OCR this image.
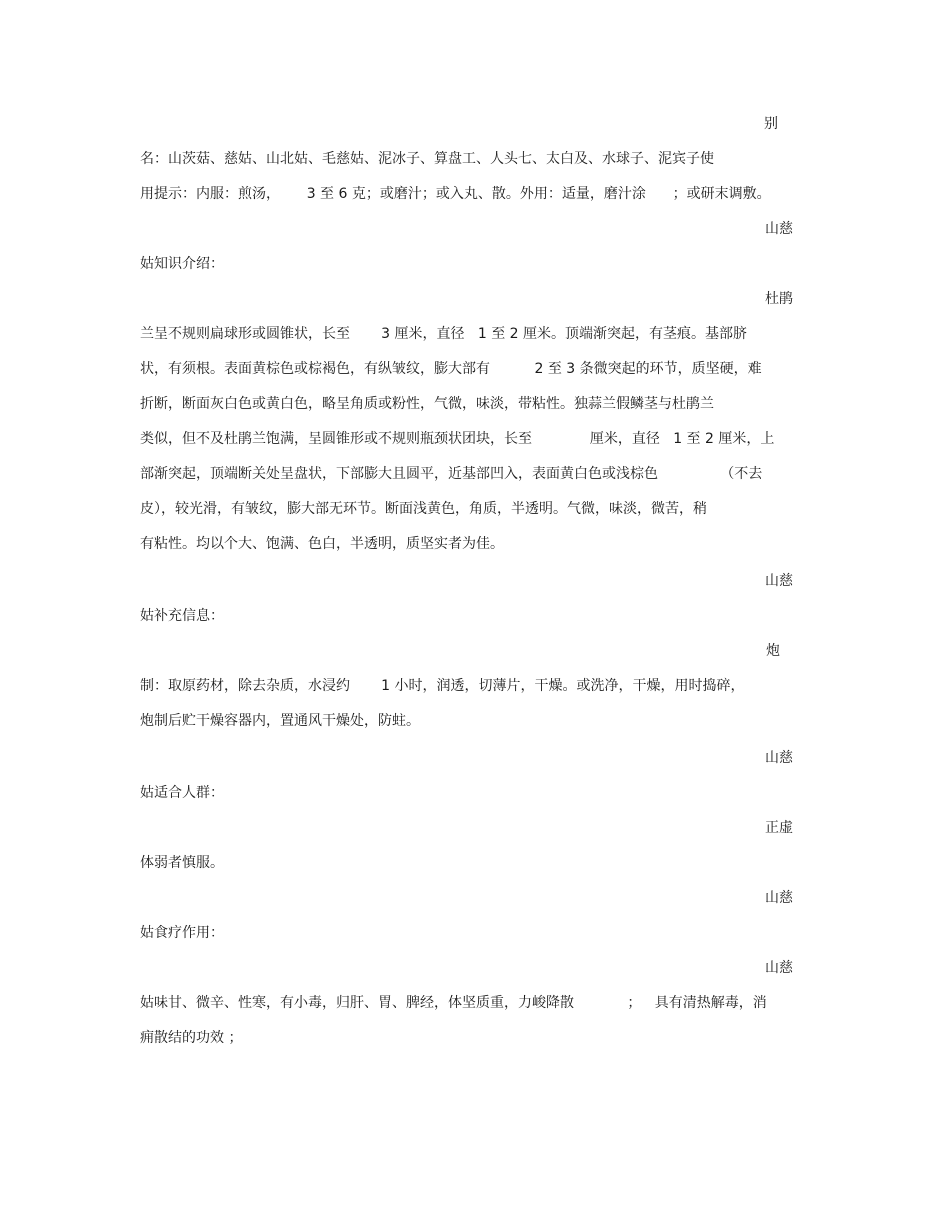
别
名：山茨菇、慈姑、山北姑、毛慈姑、泥冰子、算盘工、人头七、太白及、水球子、泥宾子使
用提示：内服：煎汤，      3 至 6 克；或磨汁；或入丸、散。外用：适量，磨汁涂      ；或研末调敷。
山慈
姑知识介绍：
杜鹃
兰呈不规则扁球形或圆锥状，长至       3 厘米，直径   1 至 2 厘米。顶端渐突起，有茎痕。基部脐
状，有须根。表面黄棕色或棕褐色，有纵皱纹，膨大部有          2 至 3 条微突起的环节，质坚硬，难
折断，断面灰白色或黄白色，略呈角质或粉性，气微，味淡，带粘性。独蒜兰假鳞茎与杜鹃兰
类似，但不及杜鹃兰饱满，呈圆锥形或不规则瓶颈状团块，长至             厘米，直径   1 至 2 厘米，上
部渐突起，顶端断关处呈盘状，下部膨大且圆平，近基部凹入，表面黄白色或浅棕色              （不去
皮），较光滑，有皱纹，膨大部无环节。断面浅黄色，角质，半透明。气微，味淡，微苦，稍
有粘性。均以个大、饱满、色白，半透明，质坚实者为佳。
山慈
姑补充信息：
炮
制：取原药材，除去杂质，水浸约       1 小时，润透，切薄片，干燥。或洗净，干燥，用时捣碎，
炮制后贮干燥容器内，置通风干燥处，防蛀。
山慈
姑适合人群：
正虚
体弱者慎服。
山慈
姑食疗作用：
山慈
姑味甘、微辛、性寒，有小毒，归肝、胃、脾经，体坚质重，力峻降散            ；   具有清热解毒，消
痈散结的功效 ；
